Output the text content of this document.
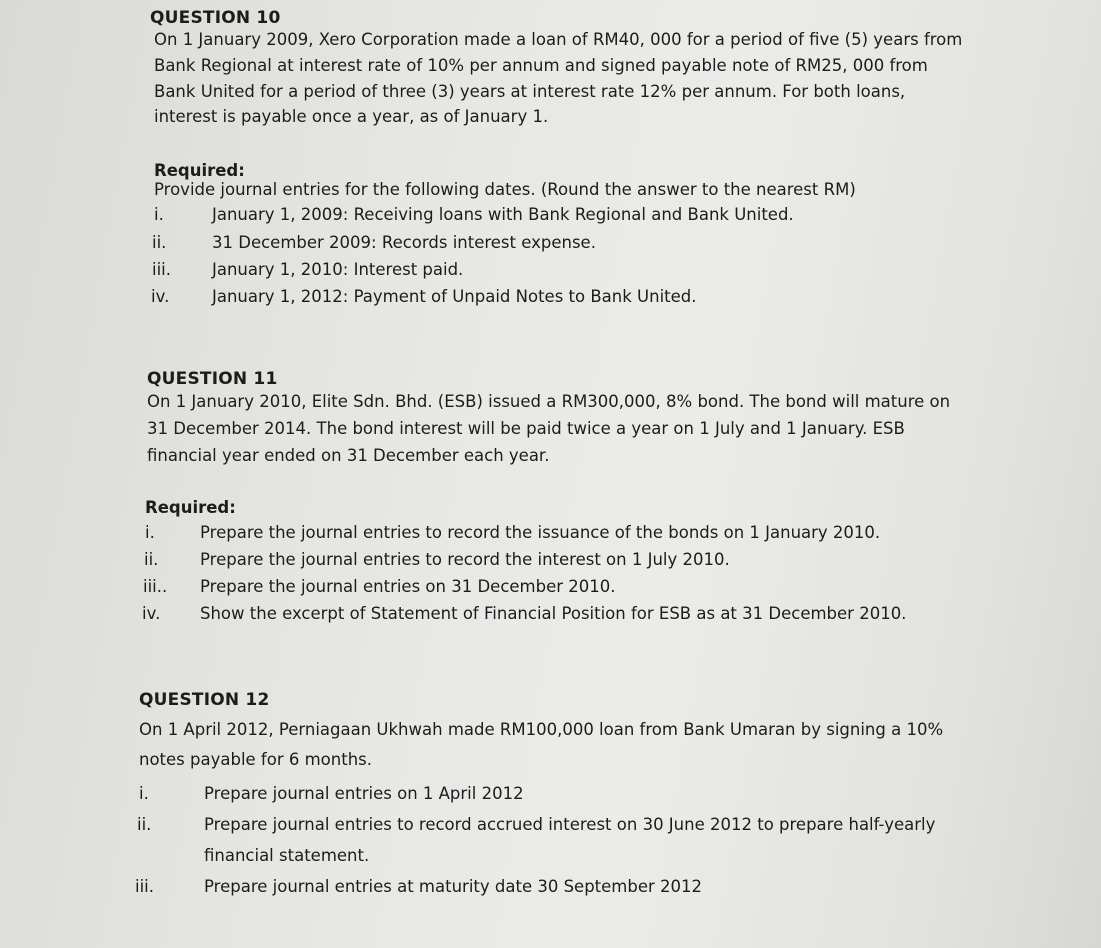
QUESTION 10
On 1 January 2009, Xero Corporation made a loan of RM40, 000 for a period of five (5) years from
Bank Regional at interest rate of 10% per annum and signed payable note of RM25, 000 from
Bank United for a period of three (3) years at interest rate 12% per annum. For both loans,
interest is payable once a year, as of January 1.
Required:
Provide journal entries for the following dates. (Round the answer to the nearest RM)
i.	January 1, 2009: Receiving loans with Bank Regional and Bank United.
ii.	31 December 2009: Records interest expense.
iii. January 1, 2010: Interest paid.
iv.	January 1, 2012: Payment of Unpaid Notes to Bank United.
QUESTION 11
On 1 January 2010, Elite Sdn. Bhd. (ESB) issued a RM300,000, 8% bond. The bond will mature on
31 December 2014. The bond interest will be paid twice a year on 1 July and 1 January. ESB
financial year ended on 31 December each year.
Required:
i.	Prepare the journal entries to record the issuance of the bonds on 1 January 2010.
ii.	Prepare the journal entries to record the interest on 1 July 2010.
iii.. Prepare the journal entries on 31 December 2010.
iv. Show the excerpt of Statement of Financial Position for ESB as at 31 December 2010.
QUESTION 12
On 1 April 2012, Perniagaan Ukhwah made RM100,000 loan from Bank Umaran by signing a 10%
notes payable for 6 months.
i.	Prepare journal entries on 1 April 2012
ii.	Prepare journal entries to record accrued interest on 30 June 2012 to prepare half-yearly
financial statement.
iii.	Prepare journal entries at maturity date 30 September 2012
